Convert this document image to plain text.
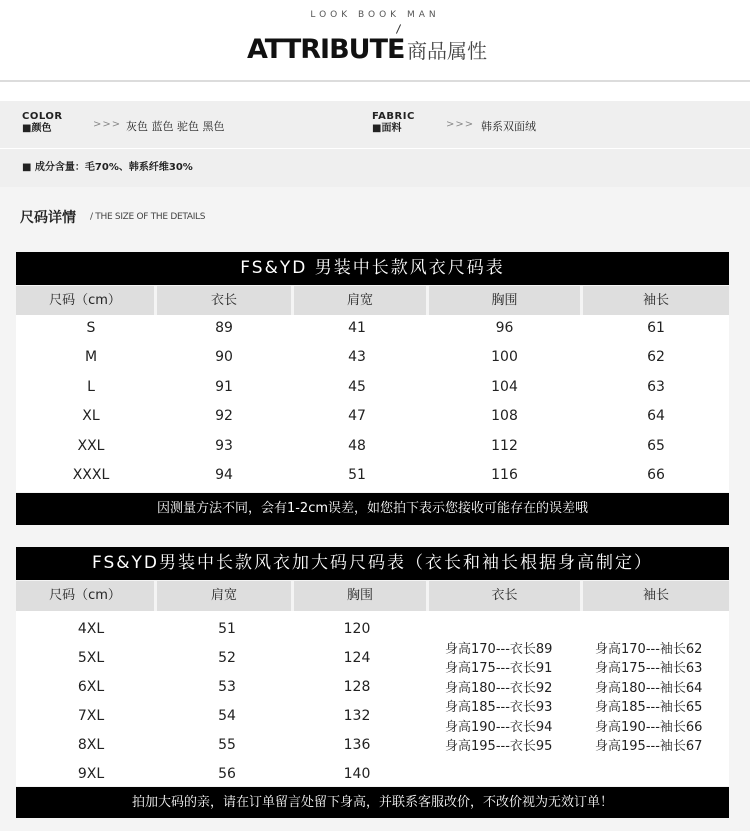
LOOK BOOK MAN
ATTRIBUTE 商品属性
COLOR
■颜色	>>> 灰色 蓝色 驼色 黑色
FABRIC
■面料	>>> 韩系双面绒
■ 成分含量：毛70%、韩系纤维30%
尺码详情 / THE SIZE OF THE DETAILS
FS&YD 男装中长款风衣尺码表
尺码（cm）	衣长	肩宽	胸围	袖长
S	89	41	96	61
M	90	43	100	62
L	91	45	104	63
XL	92	47	108	64
XXL	93	48	112	65
XXXL	94	51	116	66
因测量方法不同，会有1-2cm误差，如您拍下表示您接收可能存在的误差哦
FS&YD男装中长款风衣加大码尺码表（衣长和袖长根据身高制定）
尺码（cm）	肩宽	胸围	衣长	袖长
4XL	51	120
5XL	52	124
6XL	53	128
7XL	54	132
8XL	55	136
9XL	56	140
身高170---衣长89
身高175---衣长91
身高180---衣长92
身高185---衣长93
身高190---衣长94
身高195---衣长95
身高170---袖长62
身高175---袖长63
身高180---袖长64
身高185---袖长65
身高190---袖长66
身高195---袖长67
拍加大码的亲，请在订单留言处留下身高，并联系客服改价，不改价视为无效订单！
